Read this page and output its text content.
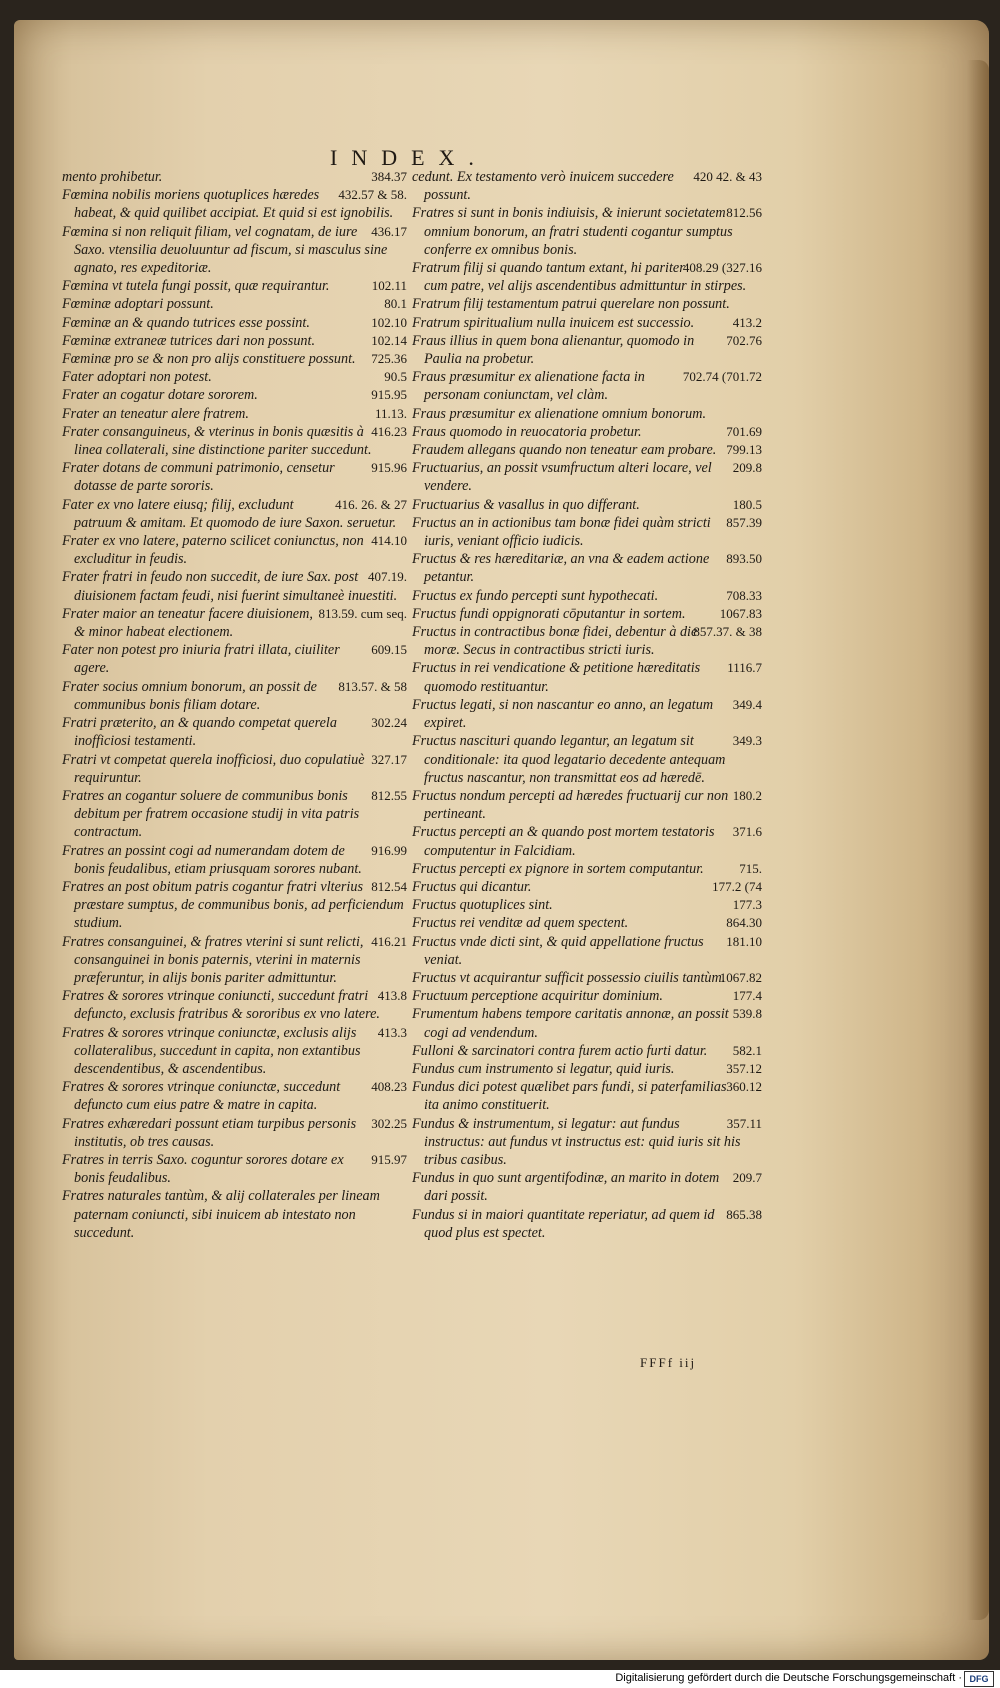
INDEX.

384.37
mento prohibetur.

432.57 & 58.
Fœmina nobilis moriens quotuplices hæredes habeat, & quid quilibet accipiat. Et quid si est ignobilis.

436.17
Fœmina si non reliquit filiam, vel cognatam, de iure Saxo. vtensilia deuoluuntur ad fiscum, si masculus sine agnato, res expeditoriæ.

102.11
Fœmina vt tutela fungi possit, quæ requirantur.

80.1
Fœminæ adoptari possunt.

102.10
Fœminæ an & quando tutrices esse possint.

102.14
Fœminæ extraneæ tutrices dari non possunt.

725.36
Fœminæ pro se & non pro alijs constituere possunt.

90.5
Fater adoptari non potest.

915.95
Frater an cogatur dotare sororem.

11.13.
Frater an teneatur alere fratrem.

416.23
Frater consanguineus, & vterinus in bonis quæsitis à linea collaterali, sine distinctione pariter succedunt.

915.96
Frater dotans de communi patrimonio, censetur dotasse de parte sororis.

416. 26. & 27
Fater ex vno latere eiusq; filij, excludunt patruum & amitam. Et quomodo de iure Saxon. seruetur.

414.10
Frater ex vno latere, paterno scilicet coniunctus, non excluditur in feudis.

407.19.
Frater fratri in feudo non succedit, de iure Sax. post diuisionem factam feudi, nisi fuerint simultaneè inuestiti.

813.59. cum seq.
Frater maior an teneatur facere diuisionem, & minor habeat electionem.

609.15
Fater non potest pro iniuria fratri illata, ciuiliter agere.

813.57. & 58
Frater socius omnium bonorum, an possit de communibus bonis filiam dotare.

302.24
Fratri præterito, an & quando competat querela inofficiosi testamenti.

327.17
Fratri vt competat querela inofficiosi, duo copulatiuè requiruntur.

812.55
Fratres an cogantur soluere de communibus bonis debitum per fratrem occasione studij in vita patris contractum.

916.99
Fratres an possint cogi ad numerandam dotem de bonis feudalibus, etiam priusquam sorores nubant.

812.54
Fratres an post obitum patris cogantur fratri vlterius præstare sumptus, de communibus bonis, ad perficiendum studium.

416.21
Fratres consanguinei, & fratres vterini si sunt relicti, consanguinei in bonis paternis, vterini in maternis præferuntur, in alijs bonis pariter admittuntur.

413.8
Fratres & sorores vtrinque coniuncti, succedunt fratri defuncto, exclusis fratribus & sororibus ex vno latere.

413.3
Fratres & sorores vtrinque coniunctæ, exclusis alijs collateralibus, succedunt in capita, non extantibus descendentibus, & ascendentibus.

408.23
Fratres & sorores vtrinque coniunctæ, succedunt defuncto cum eius patre & matre in capita.

302.25
Fratres exhæredari possunt etiam turpibus personis institutis, ob tres causas.

915.97
Fratres in terris Saxo. coguntur sorores dotare ex bonis feudalibus.

Fratres naturales tantùm, & alij collaterales per lineam paternam coniuncti, sibi inuicem ab intestato non succedunt.

420 42. & 43
cedunt. Ex testamento verò inuicem succedere possunt.

812.56
Fratres si sunt in bonis indiuisis, & inierunt societatem omnium bonorum, an fratri studenti cogantur sumptus conferre ex omnibus bonis.

408.29 (327.16
Fratrum filij si quando tantum extant, hi pariter cum patre, vel alijs ascendentibus admittuntur in stirpes.

Fratrum filij testamentum patrui querelare non possunt.

413.2
Fratrum spiritualium nulla inuicem est successio.

702.76
Fraus illius in quem bona alienantur, quomodo in Paulia na probetur.

702.74 (701.72
Fraus præsumitur ex alienatione facta in personam coniunctam, vel clàm.

Fraus præsumitur ex alienatione omnium bonorum.

701.69
Fraus quomodo in reuocatoria probetur.

799.13
Fraudem allegans quando non teneatur eam probare.

209.8
Fructuarius, an possit vsumfructum alteri locare, vel vendere.

180.5
Fructuarius & vasallus in quo differant.

857.39
Fructus an in actionibus tam bonæ fidei quàm stricti iuris, veniant officio iudicis.

893.50
Fructus & res hæreditariæ, an vna & eadem actione petantur.

708.33
Fructus ex fundo percepti sunt hypothecati.

1067.83
Fructus fundi oppignorati cōputantur in sortem.

857.37. & 38
Fructus in contractibus bonæ fidei, debentur à die moræ. Secus in contractibus stricti iuris.

1116.7
Fructus in rei vendicatione & petitione hæreditatis quomodo restituantur.

349.4
Fructus legati, si non nascantur eo anno, an legatum expiret.

349.3
Fructus nascituri quando legantur, an legatum sit conditionale: ita quod legatario decedente antequam fructus nascantur, non transmittat eos ad hæredē.

180.2
Fructus nondum percepti ad hæredes fructuarij cur non pertineant.

371.6
Fructus percepti an & quando post mortem testatoris computentur in Falcidiam.

715.
Fructus percepti ex pignore in sortem computantur.

177.2 (74
Fructus qui dicantur.

177.3
Fructus quotuplices sint.

864.30
Fructus rei venditæ ad quem spectent.

181.10
Fructus vnde dicti sint, & quid appellatione fructus veniat.

1067.82
Fructus vt acquirantur sufficit possessio ciuilis tantùm.

177.4
Fructuum perceptione acquiritur dominium.

539.8
Frumentum habens tempore caritatis annonæ, an possit cogi ad vendendum.

582.1
Fulloni & sarcinatori contra furem actio furti datur.

357.12
Fundus cum instrumento si legatur, quid iuris.

360.12
Fundus dici potest quælibet pars fundi, si paterfamilias ita animo constituerit.

357.11
Fundus & instrumentum, si legatur: aut fundus instructus: aut fundus vt instructus est: quid iuris sit his tribus casibus.

209.7
Fundus in quo sunt argentifodinæ, an marito in dotem dari possit.

865.38
Fundus si in maiori quantitate reperiatur, ad quem id quod plus est spectet.

FFFf iij
Digitalisierung gefördert durch die Deutsche Forschungsgemeinschaft · DFG
